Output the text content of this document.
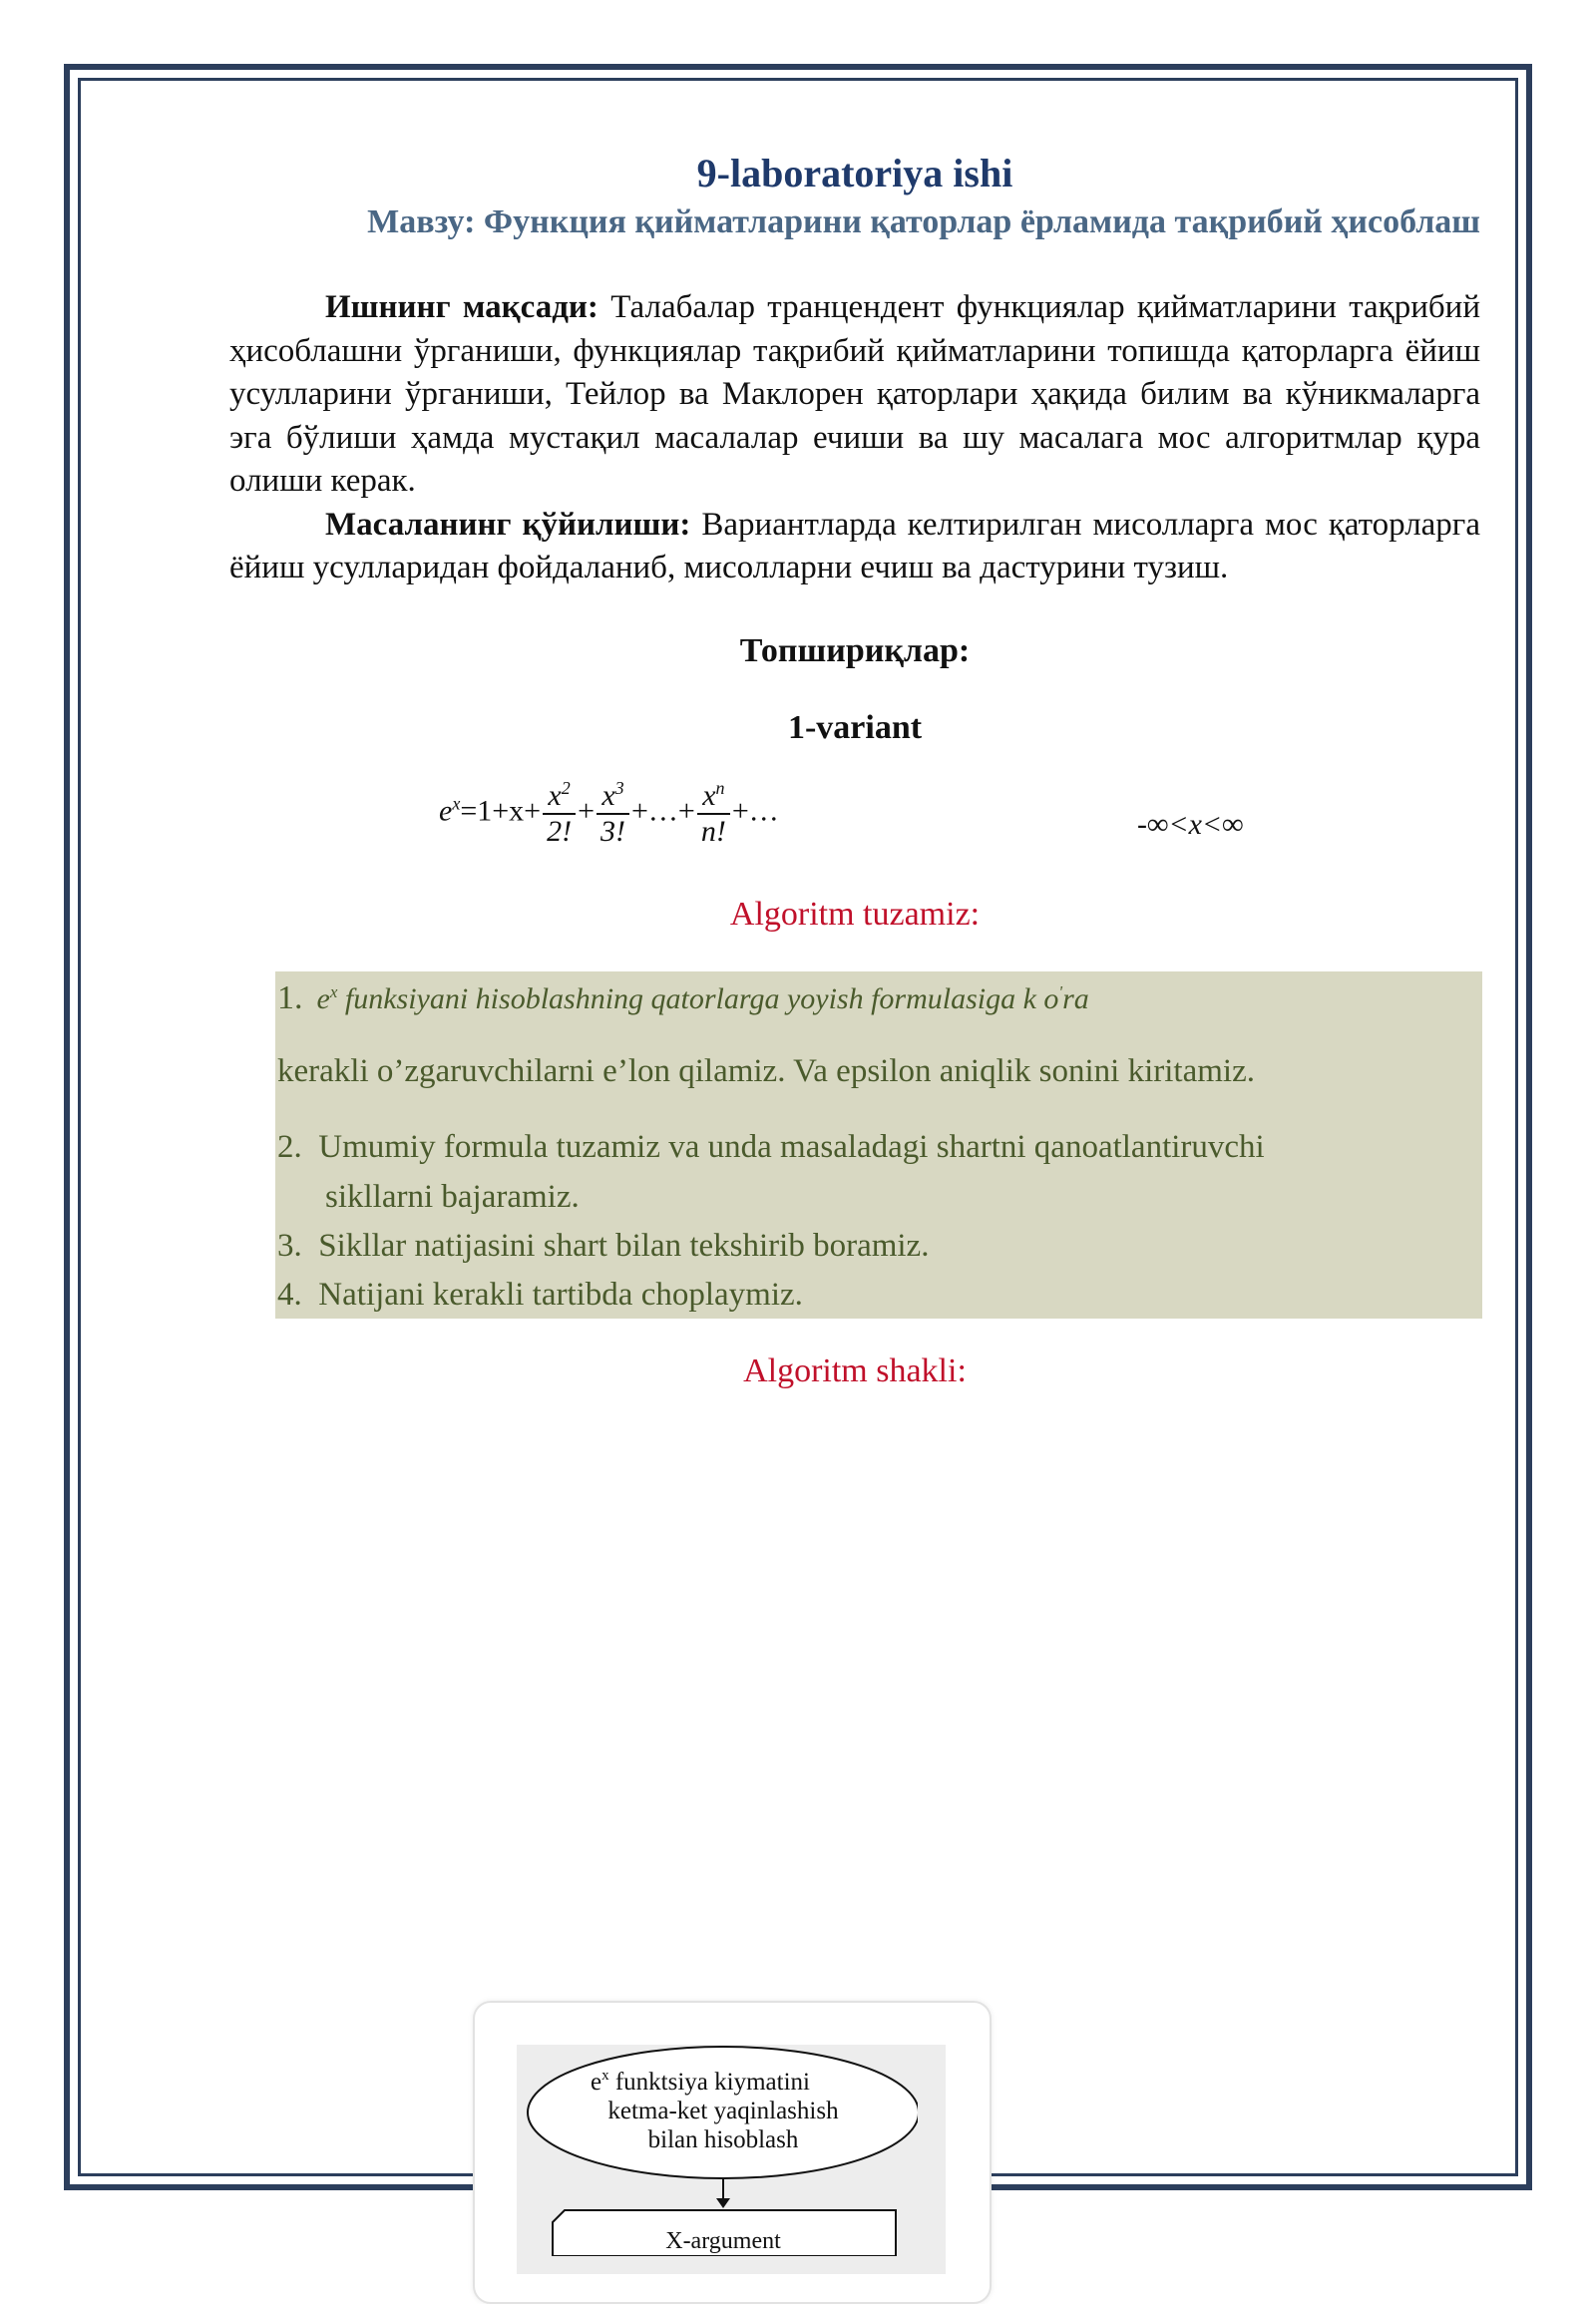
9-laboratoriya ishi
Мавзу: Функция қийматларини қаторлар ёрламида тақрибий ҳисоблаш

Ишнинг мақсади: Талабалар транцендент функциялар қийматларини тақрибий ҳисоблашни ўрганиши, функциялар тақрибий қийматларини топишда қаторларга ёйиш усулларини ўрганиши, Тейлор ва Маклорен қаторлари ҳақида билим ва кўникмаларга эга бўлиши ҳамда мустақил масалалар ечиши ва шу масалага мос алгоритмлар қура олиши керак.

Масаланинг қўйилиши: Вариантларда келтирилган мисолларга мос қаторларга ёйиш усулларидан фойдаланиб, мисолларни ечиш ва дастурини тузиш.

Топшириқлар:
1-variant
$e^x=1+x+ \frac{x^2}{2!} + \frac{x^3}{3!}$ +…+ $\frac{x^n}{n!}$ +…	-∞<x<∞
Algoritm tuzamiz:
1. $e^x$ funksiyani hisoblashning qatorlarga yoyish formulasiga k o'ra
kerakli o’zgaruvchilarni e’lon qilamiz. Va epsilon aniqlik sonini kiritamiz.
2. Umumiy formula tuzamiz va unda masaladagi shartni qanoatlantiruvchi
sikllarni bajaramiz.
3. Sikllar natijasini shart bilan tekshirib boramiz.
4. Natijani kerakli tartibda choplaymiz.
Algoritm shakli:
$e^x$ funktsiya kiymatini
ketma-ket yaqinlashish
bilan hisoblash
X-argument
